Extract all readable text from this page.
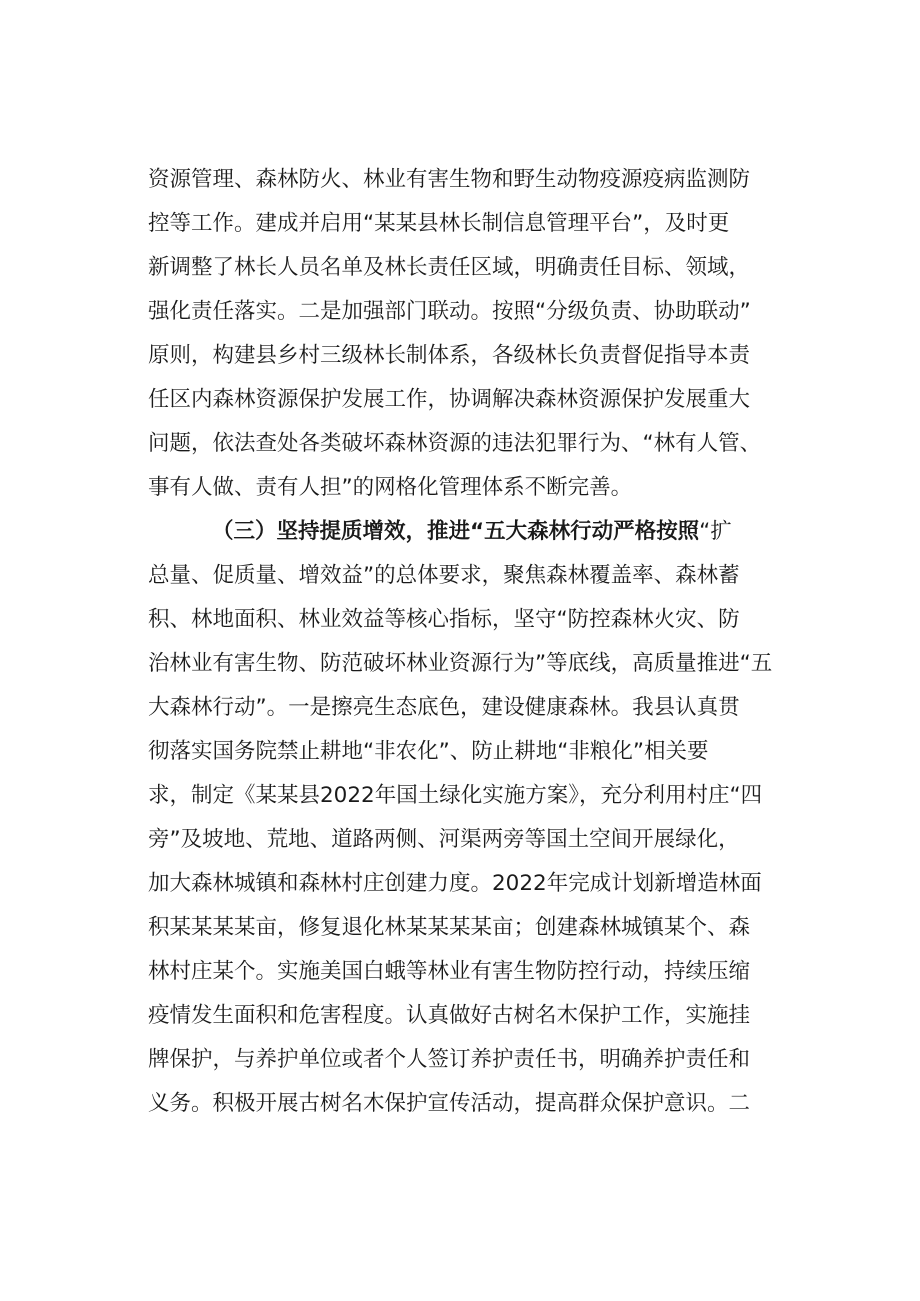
资源管理、森林防火、林业有害生物和野生动物疫源疫病监测防
控等工作。建成并启用“某某县林长制信息管理平台”，及时更
新调整了林长人员名单及林长责任区域，明确责任目标、领域，
强化责任落实。二是加强部门联动。按照“分级负责、协助联动”
原则，构建县乡村三级林长制体系，各级林长负责督促指导本责
任区内森林资源保护发展工作，协调解决森林资源保护发展重大
问题，依法查处各类破坏森林资源的违法犯罪行为、“林有人管、
事有人做、责有人担”的网格化管理体系不断完善。
（三）坚持提质增效，推进“五大森林行动严格按照“扩
总量、促质量、增效益”的总体要求，聚焦森林覆盖率、森林蓄
积、林地面积、林业效益等核心指标，坚守“防控森林火灾、防
治林业有害生物、防范破坏林业资源行为”等底线，高质量推进“五
大森林行动”。一是擦亮生态底色，建设健康森林。我县认真贯
彻落实国务院禁止耕地“非农化”、防止耕地“非粮化”相关要
求，制定《某某县2022年国土绿化实施方案》，充分利用村庄“四
旁”及坡地、荒地、道路两侧、河渠两旁等国土空间开展绿化，
加大森林城镇和森林村庄创建力度。2022年完成计划新增造林面
积某某某某亩，修复退化林某某某某亩；创建森林城镇某个、森
林村庄某个。实施美国白蛾等林业有害生物防控行动，持续压缩
疫情发生面积和危害程度。认真做好古树名木保护工作，实施挂
牌保护，与养护单位或者个人签订养护责任书，明确养护责任和
义务。积极开展古树名木保护宣传活动，提高群众保护意识。二
